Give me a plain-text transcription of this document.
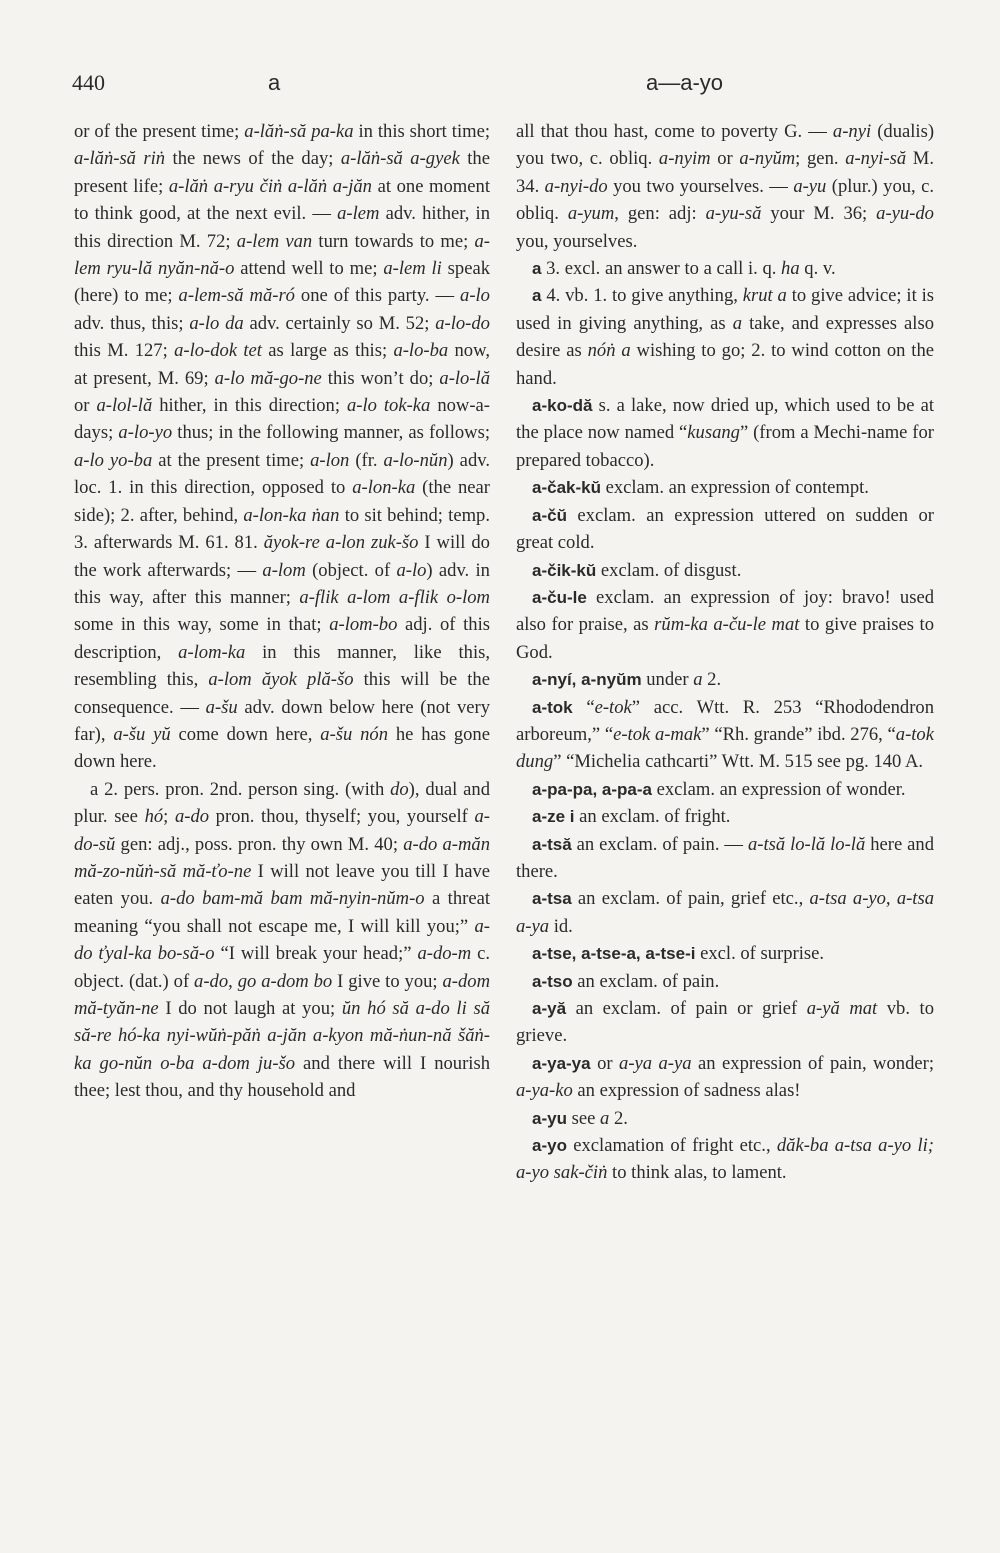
440	a	a—a-yo

or of the present time; a-lăṅ-să pa-ka in this short time; a-lăṅ-să riṅ the news of the day; a-lăṅ-să a-gyek the present life; a-lăṅ a-ryu čiṅ a-lăṅ a-jăn at one moment to think good, at the next evil. — a-lem adv. hither, in this direction M. 72; a-lem van turn towards to me; a-lem ryu-lă nyăn-nă-o attend well to me; a-lem li speak (here) to me; a-lem-să mă-ró one of this party. — a-lo adv. thus, this; a-lo da adv. certainly so M. 52; a-lo-do this M. 127; a-lo-dok tet as large as this; a-lo-ba now, at present, M. 69; a-lo mă-go-ne this won’t do; a-lo-lă or a-lol-lă hither, in this direction; a-lo tok-ka now-a-days; a-lo-yo thus; in the following manner, as follows; a-lo yo-ba at the present time; a-lon (fr. a-lo-nŭn) adv. loc. 1. in this direction, opposed to a-lon-ka (the near side); 2. after, behind, a-lon-ka ṅan to sit behind; temp. 3. afterwards M. 61. 81. ăyok-re a-lon zuk-šo I will do the work afterwards; — a-lom (object. of a-lo) adv. in this way, after this manner; a-flik a-lom a-flik o-lom some in this way, some in that; a-lom-bo adj. of this description, a-lom-ka in this manner, like this, resembling this, a-lom ăyok plă-šo this will be the consequence. — a-šu adv. down below here (not very far), a-šu yŭ come down here, a-šu nón he has gone down here.

a 2. pers. pron. 2nd. person sing. (with do), dual and plur. see hó; a-do pron. thou, thyself; you, yourself a-do-sŭ gen: adj., poss. pron. thy own M. 40; a-do a-măn mă-zo-nŭṅ-să mă-ťo-ne I will not leave you till I have eaten you. a-do bam-mă bam mă-nyin-nŭm-o a threat meaning “you shall not escape me, I will kill you;” a-do ťyal-ka bo-să-o “I will break your head;” a-do-m c. object. (dat.) of a-do, go a-dom bo I give to you; a-dom mă-tyăn-ne I do not laugh at you; ŭn hó să a-do li să să-re hó-ka nyi-wŭṅ-păṅ a-jăn a-kyon mă-ṅun-nă šăṅ-ka go-nŭn o-ba a-dom ju-šo and there will I nourish thee; lest thou, and thy household and

all that thou hast, come to poverty G. — a-nyi (dualis) you two, c. obliq. a-nyim or a-nyŭm; gen. a-nyi-să M. 34. a-nyi-do you two yourselves. — a-yu (plur.) you, c. obliq. a-yum, gen: adj: a-yu-să your M. 36; a-yu-do you, yourselves.

a 3. excl. an answer to a call i. q. ha q. v.

a 4. vb. 1. to give anything, krut a to give advice; it is used in giving anything, as a take, and expresses also desire as nóṅ a wishing to go; 2. to wind cotton on the hand.

a-ko-dă s. a lake, now dried up, which used to be at the place now named “kusang” (from a Mechi-name for prepared tobacco).

a-čak-kŭ exclam. an expression of contempt.

a-čŭ exclam. an expression uttered on sudden or great cold.

a-čik-kŭ exclam. of disgust.

a-ču-le exclam. an expression of joy: bravo! used also for praise, as rŭm-ka a-ču-le mat to give praises to God.

a-nyí, a-nyŭm under a 2.

a-tok “e-tok” acc. Wtt. R. 253 “Rhododendron arboreum,” “e-tok a-mak” “Rh. grande” ibd. 276, “a-tok dung” “Michelia cathcarti” Wtt. M. 515 see pg. 140 A.

a-pa-pa, a-pa-a exclam. an expression of wonder.

a-ze i an exclam. of fright.

a-tsă an exclam. of pain. — a-tsă lo-lă lo-lă here and there.

a-tsa an exclam. of pain, grief etc., a-tsa a-yo, a-tsa a-ya id.

a-tse, a-tse-a, a-tse-i excl. of surprise.

a-tso an exclam. of pain.

a-yă an exclam. of pain or grief a-yă mat vb. to grieve.

a-ya-ya or a-ya a-ya an expression of pain, wonder; a-ya-ko an expression of sadness alas!

a-yu see a 2.

a-yo exclamation of fright etc., dăk-ba a-tsa a-yo li; a-yo sak-čiṅ to think alas, to lament.
